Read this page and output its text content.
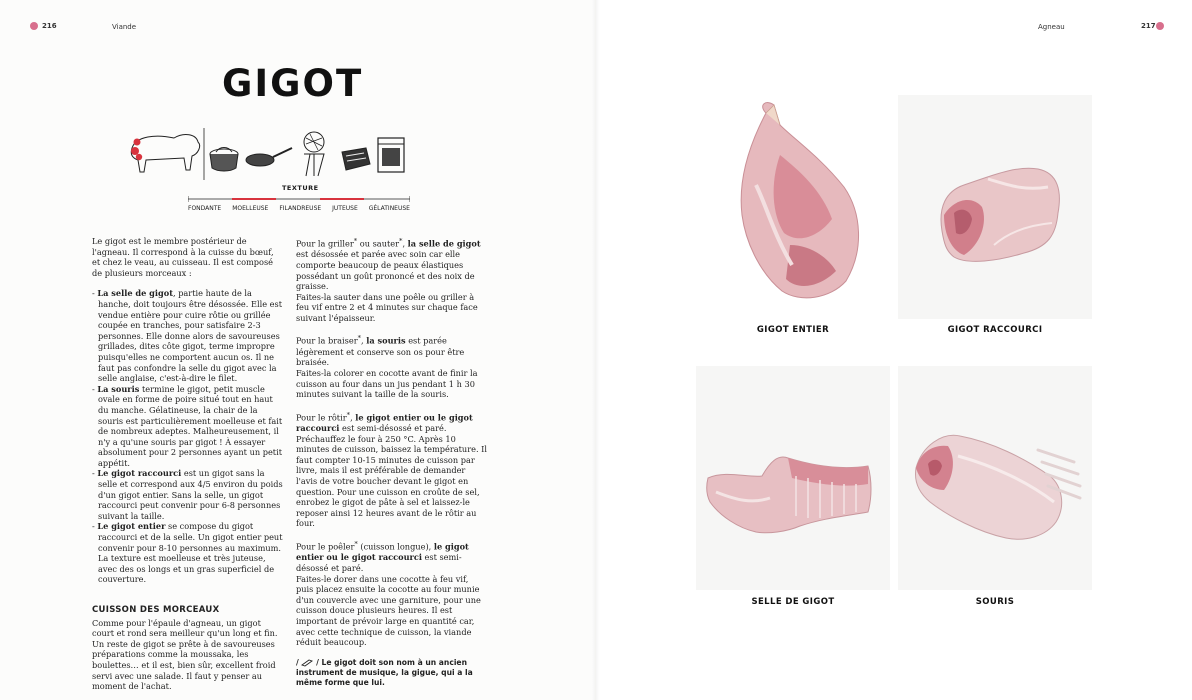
216	Viande	Agneau	217
GIGOT
TEXTURE
FONDANTE MOELLEUSE FILANDREUSE JUTEUSE GÉLATINEUSE

Le gigot est le membre postérieur de l'agneau. Il correspond à la cuisse du bœuf, et chez le veau, au cuisseau. Il est composé de plusieurs morceaux :

- La selle de gigot, partie haute de la hanche, doit toujours être désossée. Elle est vendue entière pour cuire rôtie ou grillée coupée en tranches, pour satisfaire 2-3 personnes. Elle donne alors de savoureuses grillades, dites côte gigot, terme impropre puisqu'elles ne comportent aucun os. Il ne faut pas confondre la selle du gigot avec la selle anglaise, c'est-à-dire le filet.

- La souris termine le gigot, petit muscle ovale en forme de poire situé tout en haut du manche. Gélatineuse, la chair de la souris est particulièrement moelleuse et fait de nombreux adeptes. Malheureusement, il n'y a qu'une souris par gigot ! À essayer absolument pour 2 personnes ayant un petit appétit.

- Le gigot raccourci est un gigot sans la selle et correspond aux 4/5 environ du poids d'un gigot entier. Sans la selle, un gigot raccourci peut convenir pour 6-8 personnes suivant la taille.

- Le gigot entier se compose du gigot raccourci et de la selle. Un gigot entier peut convenir pour 8-10 personnes au maximum. La texture est moelleuse et très juteuse, avec des os longs et un gras superficiel de couverture.

CUISSON DES MORCEAUX

Comme pour l'épaule d'agneau, un gigot court et rond sera meilleur qu'un long et fin. Un reste de gigot se prête à de savoureuses préparations comme la moussaka, les boulettes… et il est, bien sûr, excellent froid servi avec une salade. Il faut y penser au moment de l'achat.

Pour la griller* ou sauter*, la selle de gigot est désossée et parée avec soin car elle comporte beaucoup de peaux élastiques possédant un goût prononcé et des noix de graisse.
Faites-la sauter dans une poêle ou griller à feu vif entre 2 et 4 minutes sur chaque face suivant l'épaisseur.

Pour la braiser*, la souris est parée légèrement et conserve son os pour être braisée.
Faites-la colorer en cocotte avant de finir la cuisson au four dans un jus pendant 1 h 30 minutes suivant la taille de la souris.

Pour le rôtir*, le gigot entier ou le gigot raccourci est semi-désossé et paré.
Préchauffez le four à 250 °C. Après 10 minutes de cuisson, baissez la température. Il faut compter 10-15 minutes de cuisson par livre, mais il est préférable de demander l'avis de votre boucher devant le gigot en question. Pour une cuisson en croûte de sel, enrobez le gigot de pâte à sel et laissez-le reposer ainsi 12 heures avant de le rôtir au four.

Pour le poêler* (cuisson longue), le gigot entier ou le gigot raccourci est semi-désossé et paré.
Faites-le dorer dans une cocotte à feu vif, puis placez ensuite la cocotte au four munie d'un couvercle avec une garniture, pour une cuisson douce plusieurs heures. Il est important de prévoir large en quantité car, avec cette technique de cuisson, la viande réduit beaucoup.

/  / Le gigot doit son nom à un ancien instrument de musique, la gigue, qui a la même forme que lui.

GIGOT ENTIER	GIGOT RACCOURCI
SELLE DE GIGOT	SOURIS
